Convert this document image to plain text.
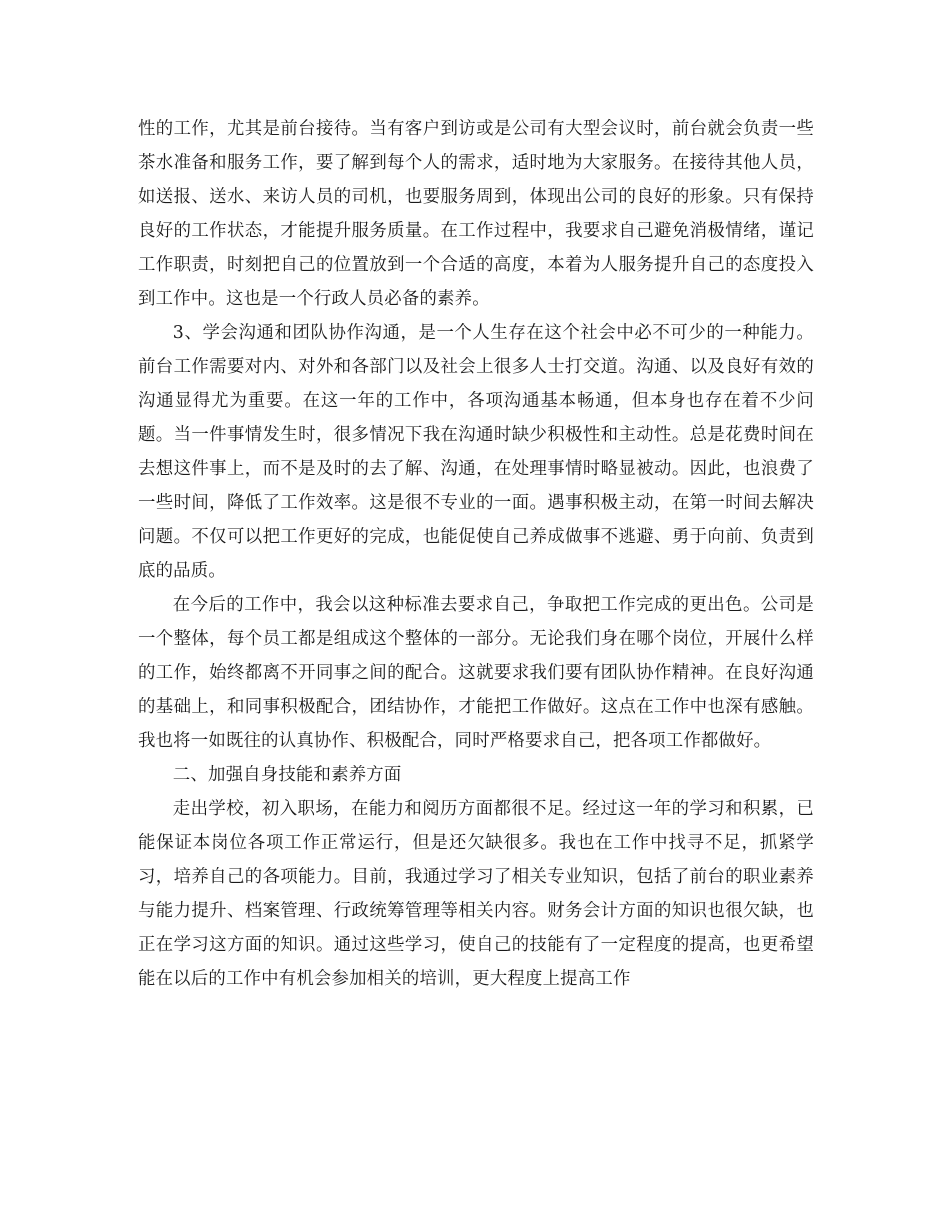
性的工作，尤其是前台接待。当有客户到访或是公司有大型会议时，前台就会负责一些茶水准备和服务工作，要了解到每个人的需求，适时地为大家服务。在接待其他人员，如送报、送水、来访人员的司机，也要服务周到，体现出公司的良好的形象。只有保持良好的工作状态，才能提升服务质量。在工作过程中，我要求自己避免消极情绪，谨记工作职责，时刻把自己的位置放到一个合适的高度，本着为人服务提升自己的态度投入到工作中。这也是一个行政人员必备的素养。

3、学会沟通和团队协作沟通，是一个人生存在这个社会中必不可少的一种能力。前台工作需要对内、对外和各部门以及社会上很多人士打交道。沟通、以及良好有效的沟通显得尤为重要。在这一年的工作中，各项沟通基本畅通，但本身也存在着不少问题。当一件事情发生时，很多情况下我在沟通时缺少积极性和主动性。总是花费时间在去想这件事上，而不是及时的去了解、沟通，在处理事情时略显被动。因此，也浪费了一些时间，降低了工作效率。这是很不专业的一面。遇事积极主动，在第一时间去解决问题。不仅可以把工作更好的完成，也能促使自己养成做事不逃避、勇于向前、负责到底的品质。

在今后的工作中，我会以这种标准去要求自己，争取把工作完成的更出色。公司是一个整体，每个员工都是组成这个整体的一部分。无论我们身在哪个岗位，开展什么样的工作，始终都离不开同事之间的配合。这就要求我们要有团队协作精神。在良好沟通的基础上，和同事积极配合，团结协作，才能把工作做好。这点在工作中也深有感触。我也将一如既往的认真协作、积极配合，同时严格要求自己，把各项工作都做好。

二、加强自身技能和素养方面

走出学校，初入职场，在能力和阅历方面都很不足。经过这一年的学习和积累，已能保证本岗位各项工作正常运行，但是还欠缺很多。我也在工作中找寻不足，抓紧学习，培养自己的各项能力。目前，我通过学习了相关专业知识，包括了前台的职业素养与能力提升、档案管理、行政统筹管理等相关内容。财务会计方面的知识也很欠缺，也正在学习这方面的知识。通过这些学习，使自己的技能有了一定程度的提高，也更希望能在以后的工作中有机会参加相关的培训，更大程度上提高工作
